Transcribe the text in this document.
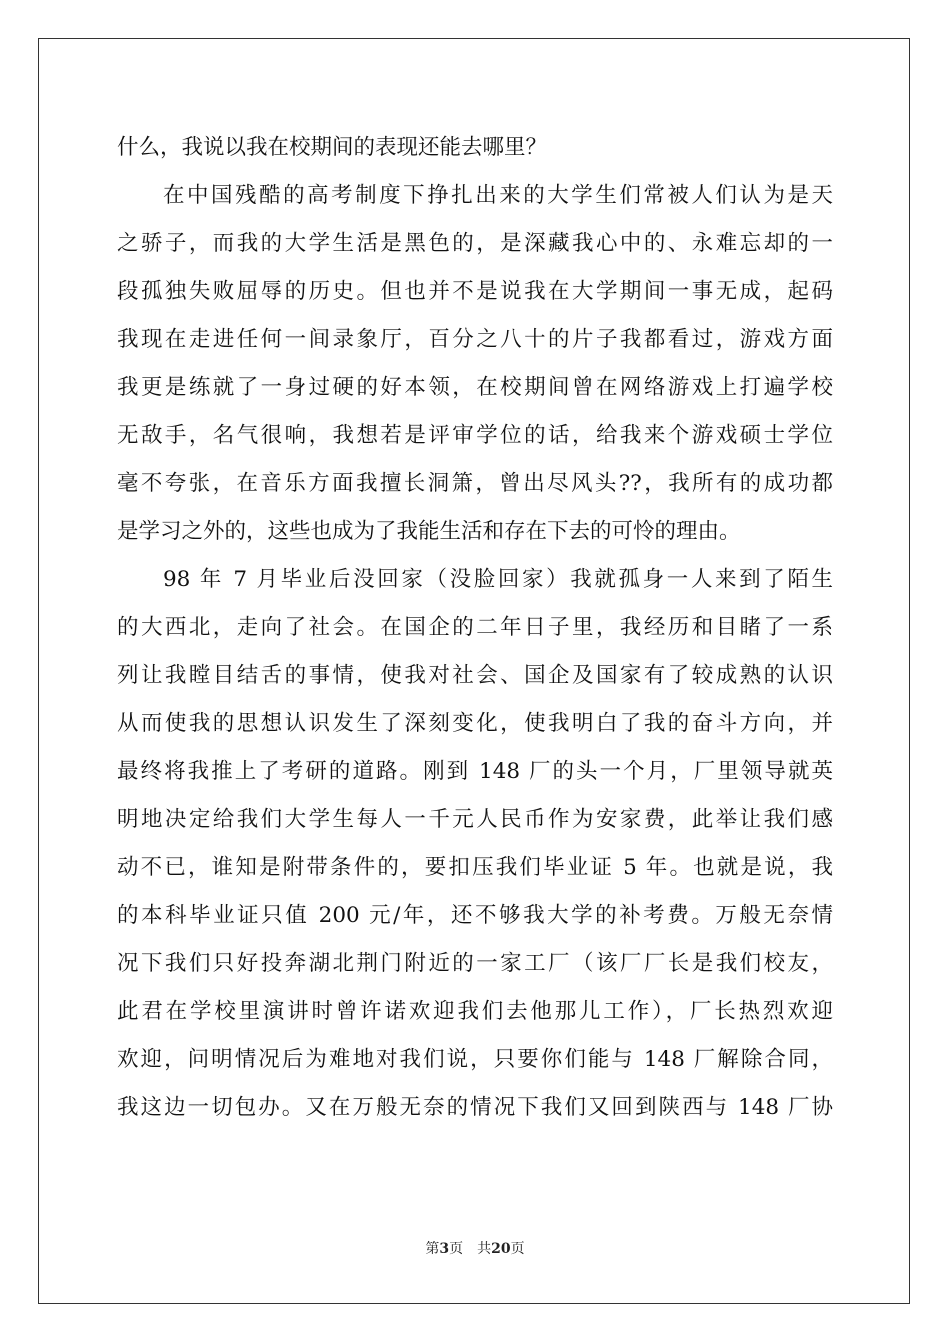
什么，我说以我在校期间的表现还能去哪里？
在中国残酷的高考制度下挣扎出来的大学生们常被人们认为是天
之骄子，而我的大学生活是黑色的，是深藏我心中的、永难忘却的一
段孤独失败屈辱的历史。但也并不是说我在大学期间一事无成，起码
我现在走进任何一间录象厅，百分之八十的片子我都看过，游戏方面
我更是练就了一身过硬的好本领，在校期间曾在网络游戏上打遍学校
无敌手，名气很响，我想若是评审学位的话，给我来个游戏硕士学位
毫不夸张，在音乐方面我擅长洞箫，曾出尽风头??，我所有的成功都
是学习之外的，这些也成为了我能生活和存在下去的可怜的理由。
98 年 7 月毕业后没回家（没脸回家）我就孤身一人来到了陌生
的大西北，走向了社会。在国企的二年日子里，我经历和目睹了一系
列让我瞠目结舌的事情，使我对社会、国企及国家有了较成熟的认识
从而使我的思想认识发生了深刻变化，使我明白了我的奋斗方向，并
最终将我推上了考研的道路。刚到 148 厂的头一个月，厂里领导就英
明地决定给我们大学生每人一千元人民币作为安家费，此举让我们感
动不已，谁知是附带条件的，要扣压我们毕业证 5 年。也就是说，我
的本科毕业证只值 200 元/年，还不够我大学的补考费。万般无奈情
况下我们只好投奔湖北荆门附近的一家工厂（该厂厂长是我们校友，
此君在学校里演讲时曾许诺欢迎我们去他那儿工作），厂长热烈欢迎
欢迎，问明情况后为难地对我们说，只要你们能与 148 厂解除合同，
我这边一切包办。又在万般无奈的情况下我们又回到陕西与 148 厂协
第3页 共20页
